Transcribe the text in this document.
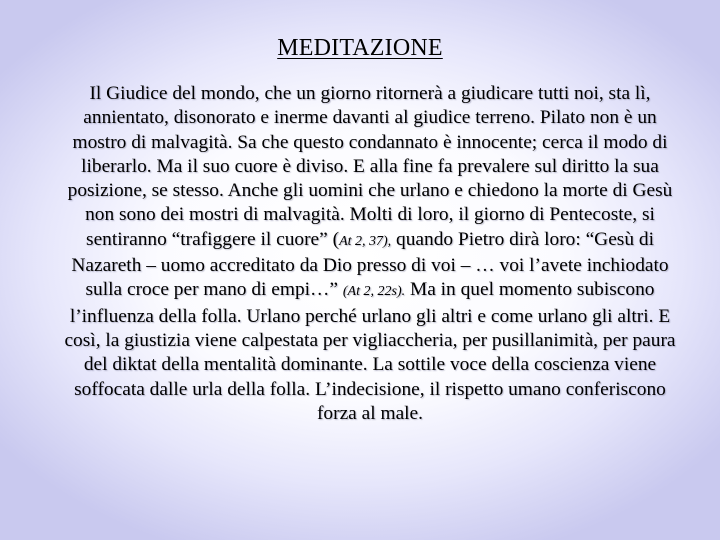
MEDITAZIONE
Il Giudice del mondo, che un giorno ritornerà a giudicare tutti noi, sta lì, annientato, disonorato e inerme davanti al giudice terreno. Pilato non è un mostro di malvagità. Sa che questo condannato è innocente; cerca il modo di liberarlo. Ma il suo cuore è diviso. E alla fine fa prevalere sul diritto la sua posizione, se stesso. Anche gli uomini che urlano e chiedono la morte di Gesù non sono dei mostri di malvagità. Molti di loro, il giorno di Pentecoste, si sentiranno “trafiggere il cuore” (At 2, 37), quando Pietro dirà loro: “Gesù di Nazareth – uomo accreditato da Dio presso di voi – … voi l’avete inchiodato sulla croce per mano di empi…” (At 2, 22s). Ma in quel momento subiscono l’influenza della folla. Urlano perché urlano gli altri e come urlano gli altri. E così, la giustizia viene calpestata per vigliaccheria, per pusillanimità, per paura del diktat della mentalità dominante. La sottile voce della coscienza viene soffocata dalle urla della folla. L’indecisione, il rispetto umano conferiscono forza al male.
